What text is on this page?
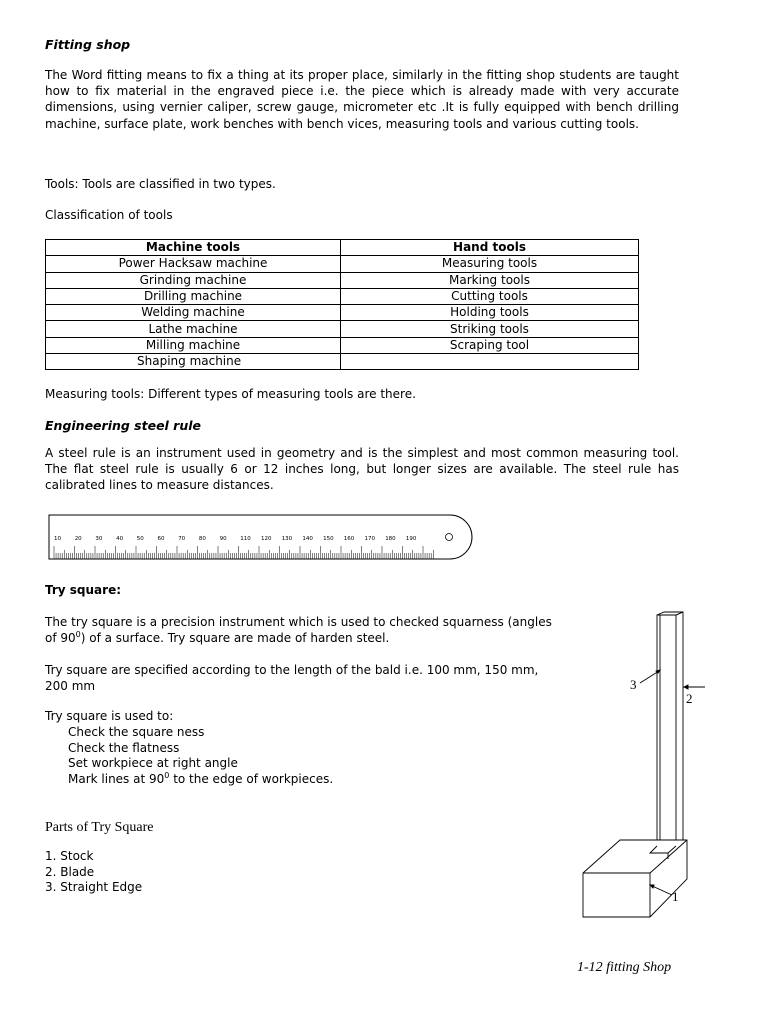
Fitting shop
The Word fitting means to fix a thing at its proper place, similarly in the fitting shop students are taught how to fix material in the engraved piece i.e. the piece which is already made with very accurate dimensions, using vernier caliper, screw gauge, micrometer etc .It is fully equipped with bench drilling machine, surface plate, work benches with bench vices, measuring tools and various cutting tools.
Tools: Tools are classified in two types.
Classification of tools
Machine tools	Hand tools
Power Hacksaw machine	Measuring tools
Grinding machine	Marking tools
Drilling machine	Cutting tools
Welding machine	Holding tools
Lathe machine	Striking tools
Milling machine	Scraping tool
Shaping machine	
Measuring tools: Different types of measuring tools are there.
Engineering steel rule
A steel rule is an instrument used in geometry and is the simplest and most common measuring tool. The flat steel rule is usually 6 or 12 inches long, but longer sizes are available. The steel rule has calibrated lines to measure distances.
10 20 30 40 50 60 70 80 90 110 120 130 140 150 160 170 180 190
Try square:
The try square is a precision instrument which is used to checked squarness (angles of $90^0$) of a surface. Try square are made of harden steel.
Try square are specified according to the length of the bald i.e. 100 mm, 150 mm, 200 mm
Try square is used to:
Check the square ness
Check the flatness
Set workpiece at right angle
Mark lines at $90^0$ to the edge of workpieces.
Parts of Try Square
1. Stock
2. Blade
3. Straight Edge
3
2
1
1-12 fitting Shop
